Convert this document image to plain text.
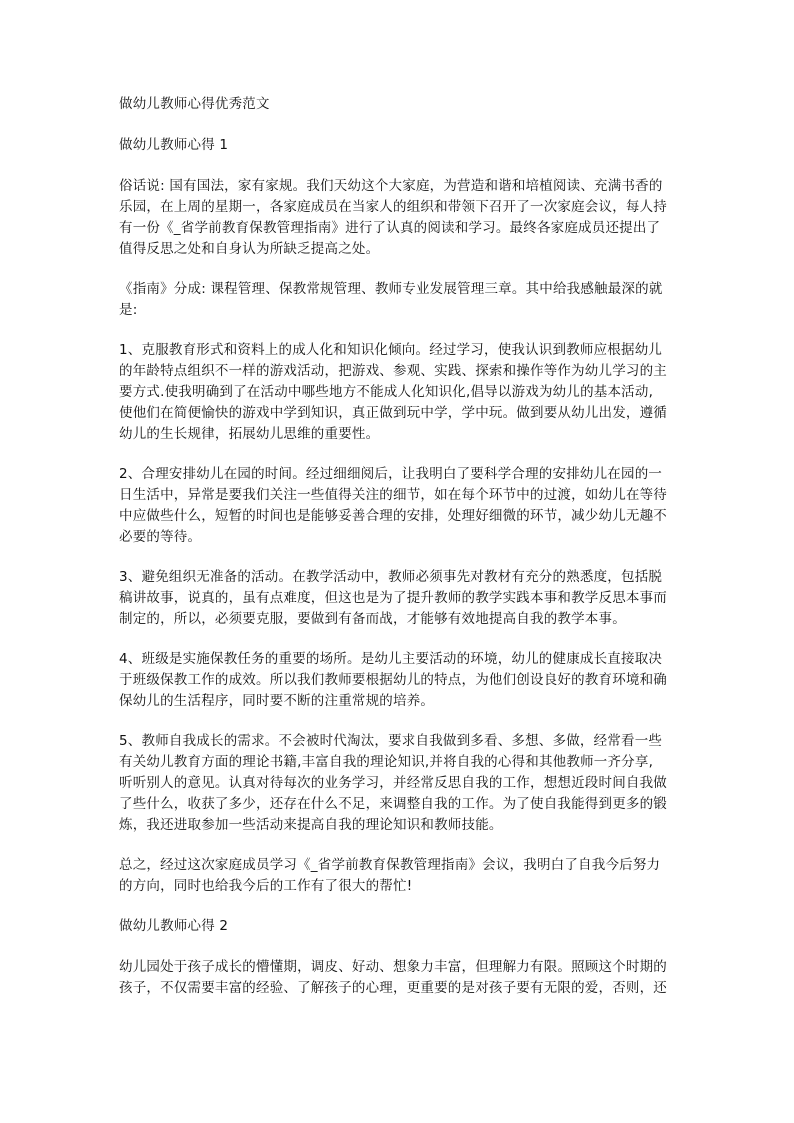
做幼儿教师心得优秀范文

做幼儿教师心得 1

俗话说: 国有国法，家有家规。我们天幼这个大家庭，为营造和谐和培植阅读、充满书香的

乐园，在上周的星期一，各家庭成员在当家人的组织和带领下召开了一次家庭会议，每人持

有一份《_省学前教育保教管理指南》进行了认真的阅读和学习。最终各家庭成员还提出了

值得反思之处和自身认为所缺乏提高之处。

《指南》分成: 课程管理、保教常规管理、教师专业发展管理三章。其中给我感触最深的就

是:

1、克服教育形式和资料上的成人化和知识化倾向。经过学习，使我认识到教师应根据幼儿

的年龄特点组织不一样的游戏活动，把游戏、参观、实践、探索和操作等作为幼儿学习的主

要方式.使我明确到了在活动中哪些地方不能成人化知识化,倡导以游戏为幼儿的基本活动,

使他们在简便愉快的游戏中学到知识，真正做到玩中学，学中玩。做到要从幼儿出发，遵循

幼儿的生长规律，拓展幼儿思维的重要性。

2、合理安排幼儿在园的时间。经过细细阅后，让我明白了要科学合理的安排幼儿在园的一

日生活中，异常是要我们关注一些值得关注的细节，如在每个环节中的过渡，如幼儿在等待

中应做些什么，短暂的时间也是能够妥善合理的安排，处理好细微的环节，减少幼儿无趣不

必要的等待。

3、避免组织无准备的活动。在教学活动中，教师必须事先对教材有充分的熟悉度，包括脱

稿讲故事，说真的，虽有点难度，但这也是为了提升教师的教学实践本事和教学反思本事而

制定的，所以，必须要克服，要做到有备而战，才能够有效地提高自我的教学本事。

4、班级是实施保教任务的重要的场所。是幼儿主要活动的环境，幼儿的健康成长直接取决

于班级保教工作的成效。所以我们教师要根据幼儿的特点，为他们创设良好的教育环境和确

保幼儿的生活程序，同时要不断的注重常规的培养。

5、教师自我成长的需求。不会被时代淘汰，要求自我做到多看、多想、多做，经常看一些

有关幼儿教育方面的理论书籍,丰富自我的理论知识,并将自我的心得和其他教师一齐分享,

听听别人的意见。认真对待每次的业务学习，并经常反思自我的工作，想想近段时间自我做

了些什么，收获了多少，还存在什么不足，来调整自我的工作。为了使自我能得到更多的锻

炼，我还进取参加一些活动来提高自我的理论知识和教师技能。

总之，经过这次家庭成员学习《_省学前教育保教管理指南》会议，我明白了自我今后努力

的方向，同时也给我今后的工作有了很大的帮忙!

做幼儿教师心得 2

幼儿园处于孩子成长的懵懂期，调皮、好动、想象力丰富，但理解力有限。照顾这个时期的

孩子，不仅需要丰富的经验、了解孩子的心理，更重要的是对孩子要有无限的爱，否则，还
